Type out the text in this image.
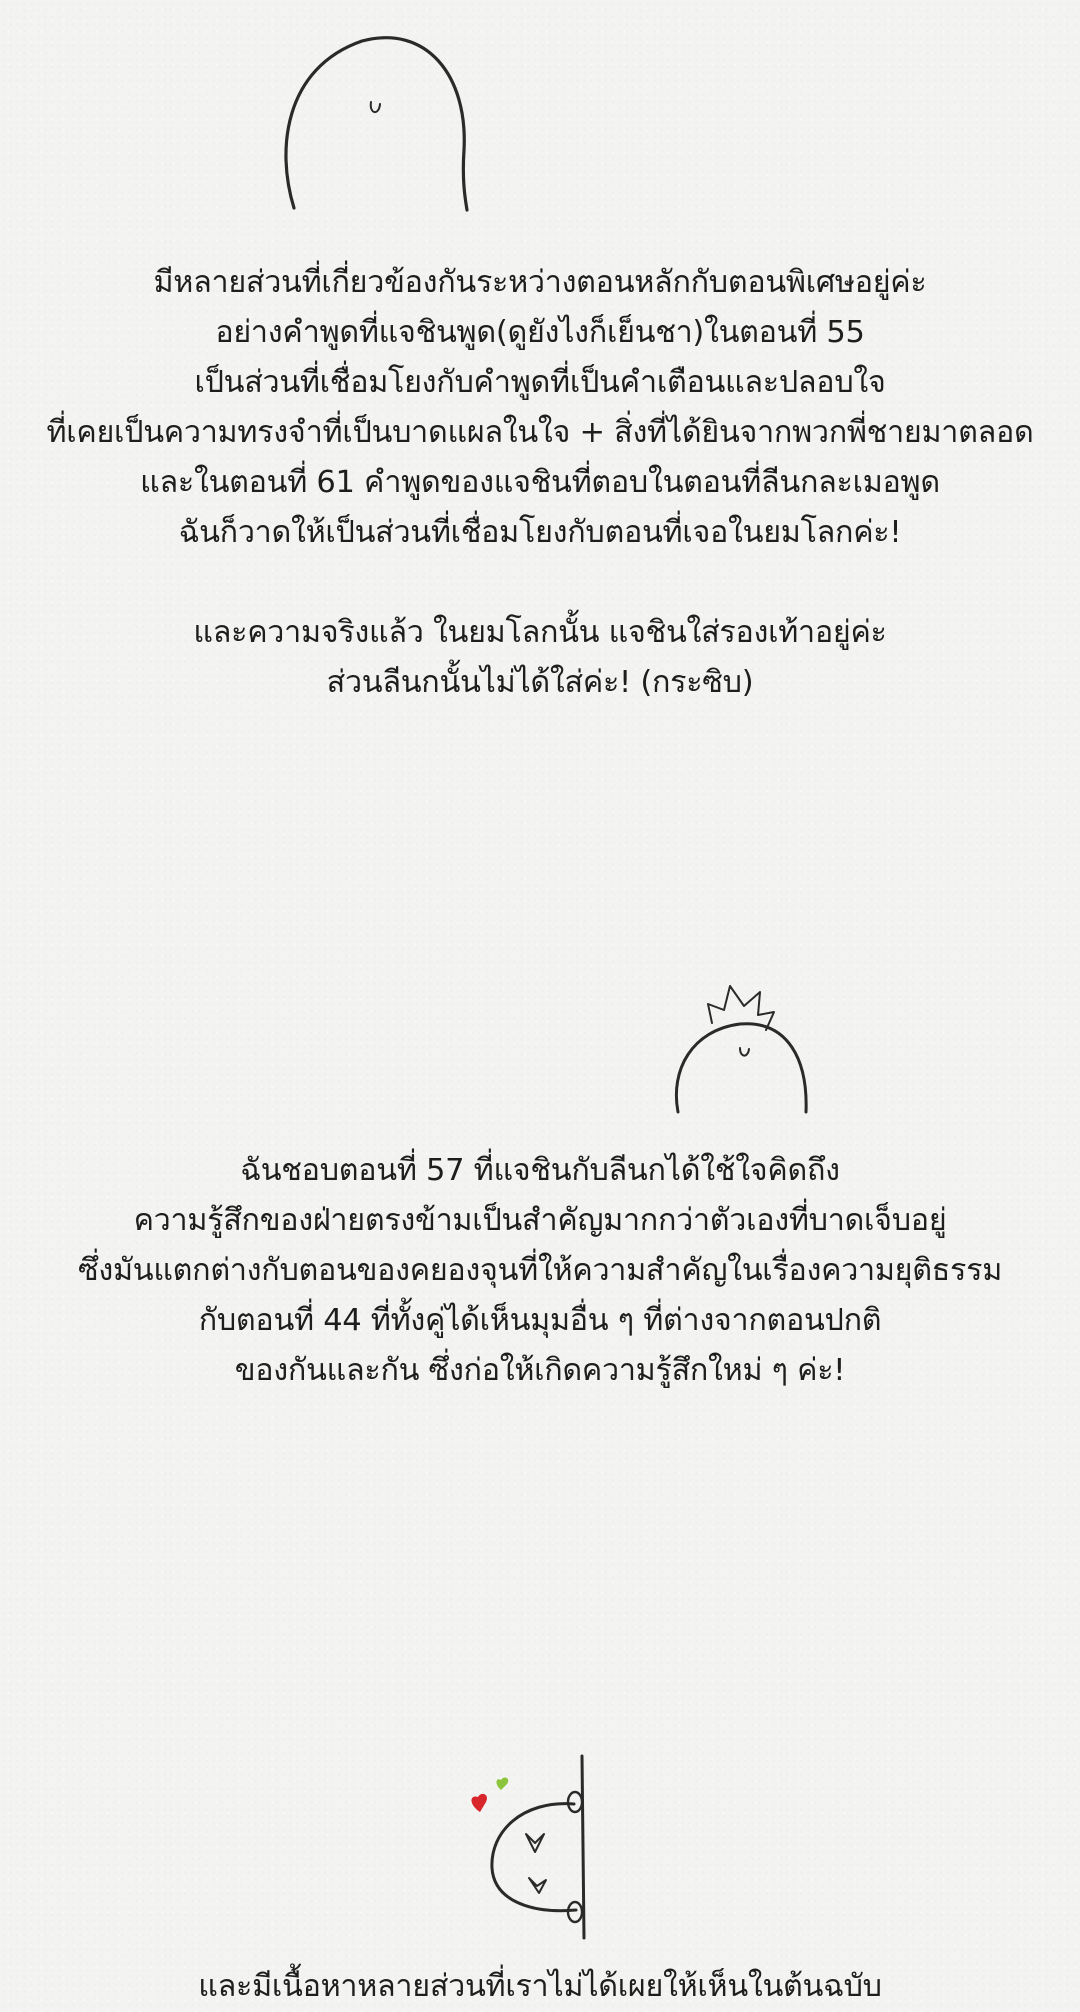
มีหลายส่วนที่เกี่ยวข้องกันระหว่างตอนหลักกับตอนพิเศษอยู่ค่ะ

อย่างคำพูดที่แจชินพูด(ดูยังไงก็เย็นชา)ในตอนที่ 55

เป็นส่วนที่เชื่อมโยงกับคำพูดที่เป็นคำเตือนและปลอบใจ

ที่เคยเป็นความทรงจำที่เป็นบาดแผลในใจ + สิ่งที่ได้ยินจากพวกพี่ชายมาตลอด

และในตอนที่ 61 คำพูดของแจชินที่ตอบในตอนที่ลีนกละเมอพูด

ฉันก็วาดให้เป็นส่วนที่เชื่อมโยงกับตอนที่เจอในยมโลกค่ะ!

และความจริงแล้ว ในยมโลกนั้น แจชินใส่รองเท้าอยู่ค่ะ

ส่วนลีนกนั้นไม่ได้ใส่ค่ะ! (กระซิบ)

ฉันชอบตอนที่ 57 ที่แจชินกับลีนกได้ใช้ใจคิดถึง

ความรู้สึกของฝ่ายตรงข้ามเป็นสำคัญมากกว่าตัวเองที่บาดเจ็บอยู่

ซึ่งมันแตกต่างกับตอนของคยองจุนที่ให้ความสำคัญในเรื่องความยุติธรรม

กับตอนที่ 44 ที่ทั้งคู่ได้เห็นมุมอื่น ๆ ที่ต่างจากตอนปกติ

ของกันและกัน ซึ่งก่อให้เกิดความรู้สึกใหม่ ๆ ค่ะ!

และมีเนื้อหาหลายส่วนที่เราไม่ได้เผยให้เห็นในต้นฉบับ
